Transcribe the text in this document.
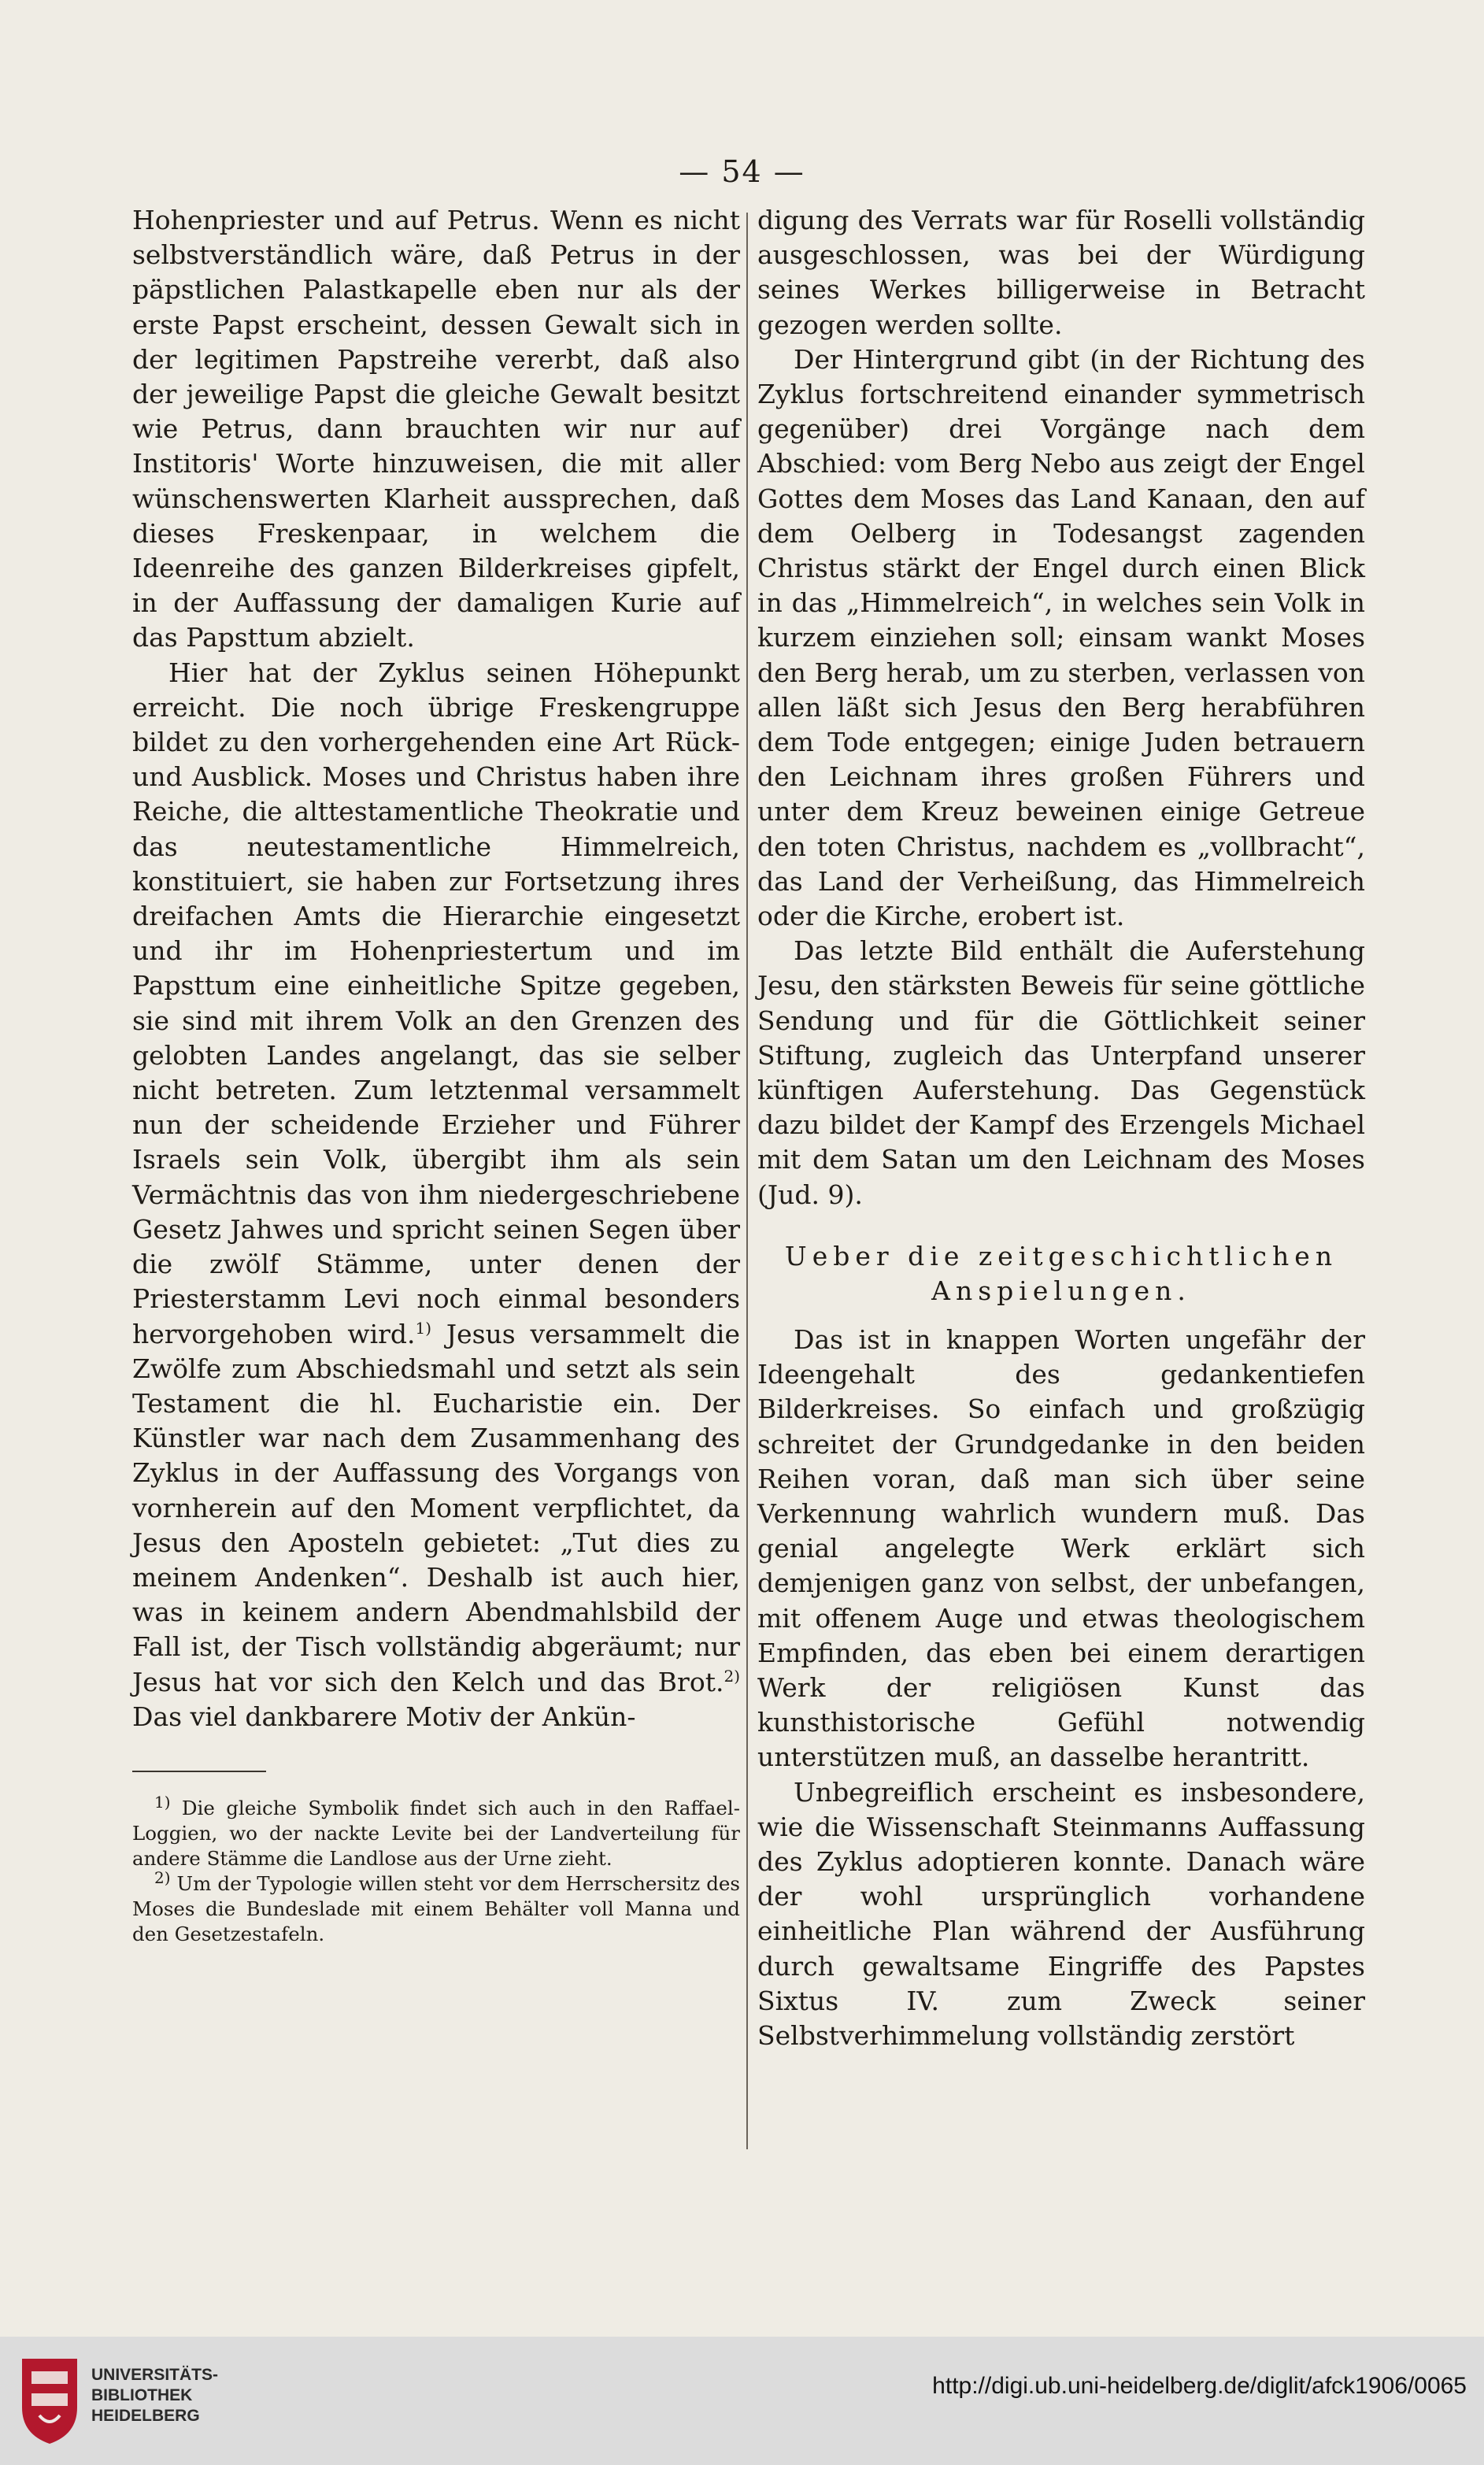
— 54 —

Hohenpriester und auf Petrus. Wenn es nicht selbstverständlich wäre, daß Petrus in der päpstlichen Palastkapelle eben nur als der erste Papst erscheint, dessen Gewalt sich in der legitimen Papstreihe vererbt, daß also der jeweilige Papst die gleiche Gewalt besitzt wie Petrus, dann brauchten wir nur auf Institoris' Worte hinzuweisen, die mit aller wünschenswerten Klarheit aussprechen, daß dieses Freskenpaar, in welchem die Ideenreihe des ganzen Bilderkreises gipfelt, in der Auffassung der damaligen Kurie auf das Papsttum abzielt.

Hier hat der Zyklus seinen Höhepunkt erreicht. Die noch übrige Freskengruppe bildet zu den vorhergehenden eine Art Rück- und Ausblick. Moses und Christus haben ihre Reiche, die alttestamentliche Theokratie und das neutestamentliche Himmelreich, konstituiert, sie haben zur Fortsetzung ihres dreifachen Amts die Hierarchie eingesetzt und ihr im Hohenpriestertum und im Papsttum eine einheitliche Spitze gegeben, sie sind mit ihrem Volk an den Grenzen des gelobten Landes angelangt, das sie selber nicht betreten. Zum letztenmal versammelt nun der scheidende Erzieher und Führer Israels sein Volk, übergibt ihm als sein Vermächtnis das von ihm niedergeschriebene Gesetz Jahwes und spricht seinen Segen über die zwölf Stämme, unter denen der Priesterstamm Levi noch einmal besonders hervorgehoben wird.$^{1)}$ Jesus versammelt die Zwölfe zum Abschiedsmahl und setzt als sein Testament die hl. Eucharistie ein. Der Künstler war nach dem Zusammenhang des Zyklus in der Auffassung des Vorgangs von vornherein auf den Moment verpflichtet, da Jesus den Aposteln gebietet: „Tut dies zu meinem Andenken“. Deshalb ist auch hier, was in keinem andern Abendmahlsbild der Fall ist, der Tisch vollständig abgeräumt; nur Jesus hat vor sich den Kelch und das Brot.$^{2)}$ Das viel dankbarere Motiv der Ankün-

$^{1)}$ Die gleiche Symbolik findet sich auch in den Raffael-Loggien, wo der nackte Levite bei der Landverteilung für andere Stämme die Landlose aus der Urne zieht.

$^{2)}$ Um der Typologie willen steht vor dem Herrschersitz des Moses die Bundeslade mit einem Behälter voll Manna und den Gesetzestafeln.

digung des Verrats war für Roselli vollständig ausgeschlossen, was bei der Würdigung seines Werkes billigerweise in Betracht gezogen werden sollte.

Der Hintergrund gibt (in der Richtung des Zyklus fortschreitend einander symmetrisch gegenüber) drei Vorgänge nach dem Abschied: vom Berg Nebo aus zeigt der Engel Gottes dem Moses das Land Kanaan, den auf dem Oelberg in Todesangst zagenden Christus stärkt der Engel durch einen Blick in das „Himmelreich“, in welches sein Volk in kurzem einziehen soll; einsam wankt Moses den Berg herab, um zu sterben, verlassen von allen läßt sich Jesus den Berg herabführen dem Tode entgegen; einige Juden betrauern den Leichnam ihres großen Führers und unter dem Kreuz beweinen einige Getreue den toten Christus, nachdem es „vollbracht“, das Land der Verheißung, das Himmelreich oder die Kirche, erobert ist.

Das letzte Bild enthält die Auferstehung Jesu, den stärksten Beweis für seine göttliche Sendung und für die Göttlichkeit seiner Stiftung, zugleich das Unterpfand unserer künftigen Auferstehung. Das Gegenstück dazu bildet der Kampf des Erzengels Michael mit dem Satan um den Leichnam des Moses (Jud. 9).

Ueber die zeitgeschichtlichen Anspielungen.

Das ist in knappen Worten ungefähr der Ideengehalt des gedankentiefen Bilderkreises. So einfach und großzügig schreitet der Grundgedanke in den beiden Reihen voran, daß man sich über seine Verkennung wahrlich wundern muß. Das genial angelegte Werk erklärt sich demjenigen ganz von selbst, der unbefangen, mit offenem Auge und etwas theologischem Empfinden, das eben bei einem derartigen Werk der religiösen Kunst das kunsthistorische Gefühl notwendig unterstützen muß, an dasselbe herantritt.

Unbegreiflich erscheint es insbesondere, wie die Wissenschaft Steinmanns Auffassung des Zyklus adoptieren konnte. Danach wäre der wohl ursprünglich vorhandene einheitliche Plan während der Ausführung durch gewaltsame Eingriffe des Papstes Sixtus IV. zum Zweck seiner Selbstverhimmelung vollständig zerstört

UNIVERSITÄTS-
BIBLIOTHEK
HEIDELBERG
http://digi.ub.uni-heidelberg.de/diglit/afck1906/0065
